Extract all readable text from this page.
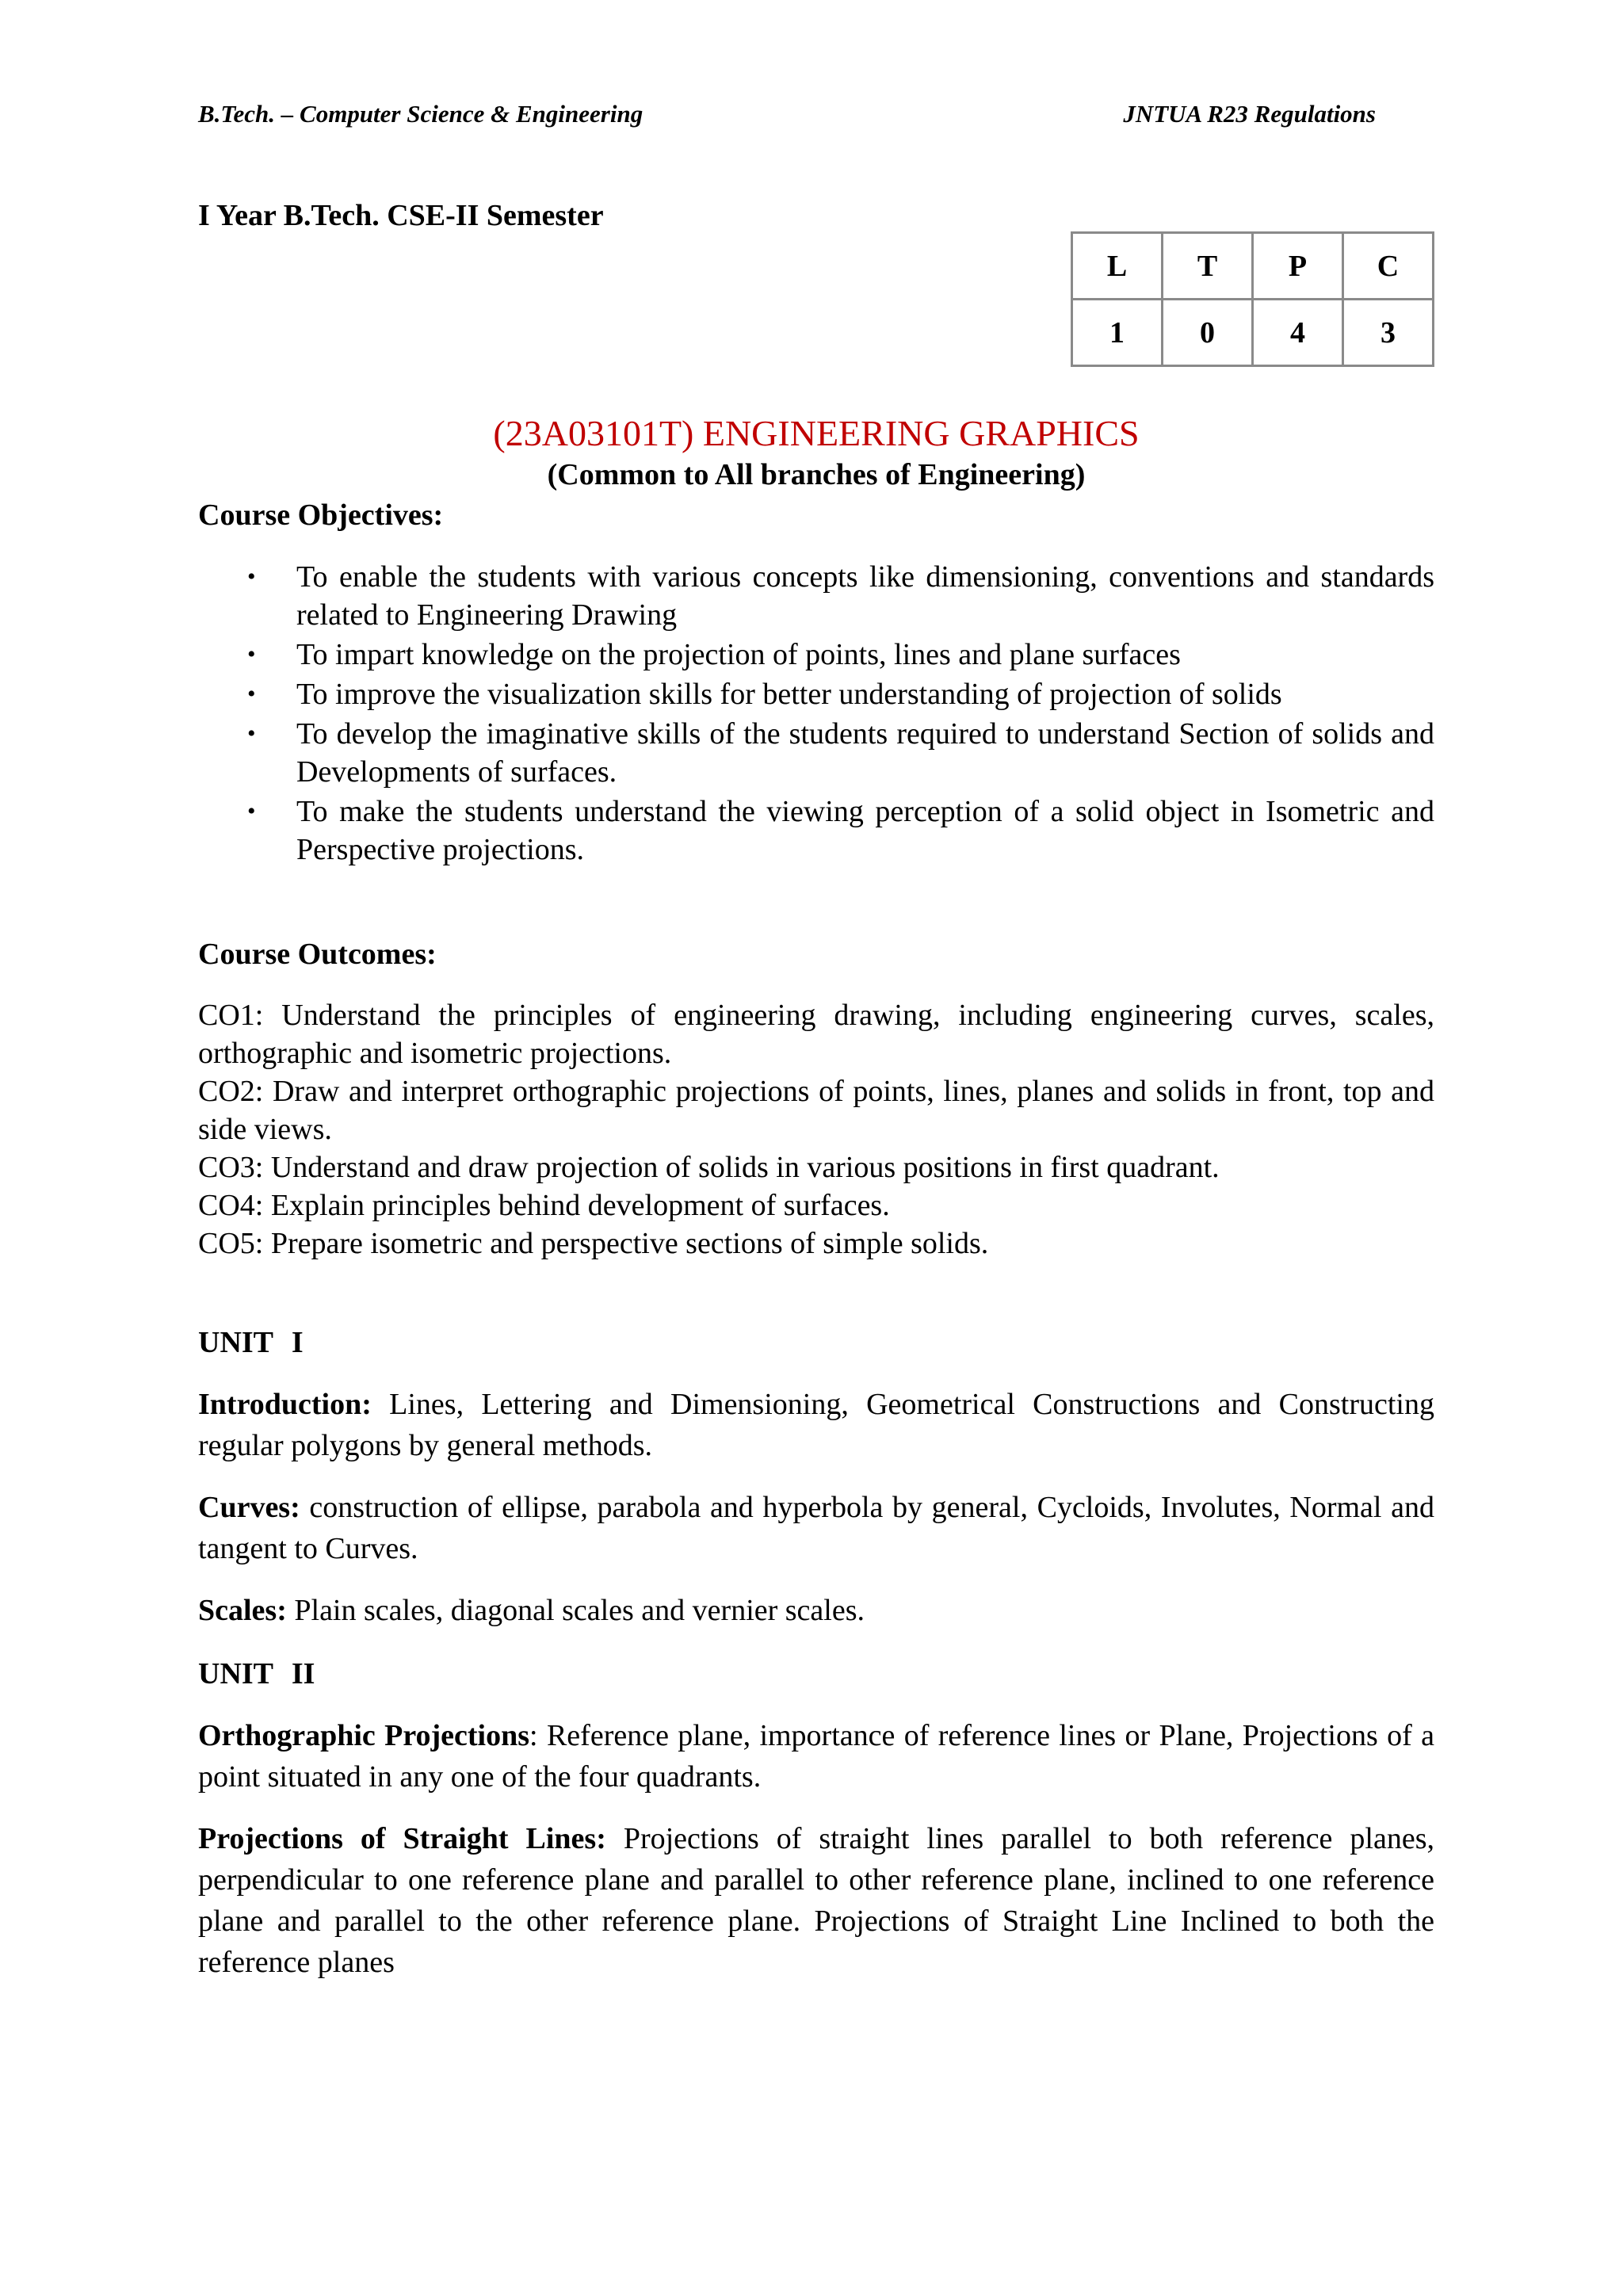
B.Tech. – Computer Science & Engineering	JNTUA R23 Regulations
I Year B.Tech. CSE-II Semester
L	T	P	C
1	0	4	3
(23A03101T) ENGINEERING GRAPHICS
(Common to All branches of Engineering)
Course Objectives:
• To enable the students with various concepts like dimensioning, conventions and standards related to Engineering Drawing
• To impart knowledge on the projection of points, lines and plane surfaces
• To improve the visualization skills for better understanding of projection of solids
• To develop the imaginative skills of the students required to understand Section of solids and Developments of surfaces.
• To make the students understand the viewing perception of a solid object in Isometric and Perspective projections.
Course Outcomes:

CO1: Understand the principles of engineering drawing, including engineering curves, scales, orthographic and isometric projections.

CO2: Draw and interpret orthographic projections of points, lines, planes and solids in front, top and side views.

CO3: Understand and draw projection of solids in various positions in first quadrant.

CO4: Explain principles behind development of surfaces.

CO5: Prepare isometric and perspective sections of simple solids.

UNIT I
Introduction: Lines, Lettering and Dimensioning, Geometrical Constructions and Constructing regular polygons by general methods.
Curves: construction of ellipse, parabola and hyperbola by general, Cycloids, Involutes, Normal and tangent to Curves.
Scales: Plain scales, diagonal scales and vernier scales.
UNIT II
Orthographic Projections: Reference plane, importance of reference lines or Plane, Projections of a point situated in any one of the four quadrants.
Projections of Straight Lines: Projections of straight lines parallel to both reference planes, perpendicular to one reference plane and parallel to other reference plane, inclined to one reference plane and parallel to the other reference plane. Projections of Straight Line Inclined to both the reference planes
